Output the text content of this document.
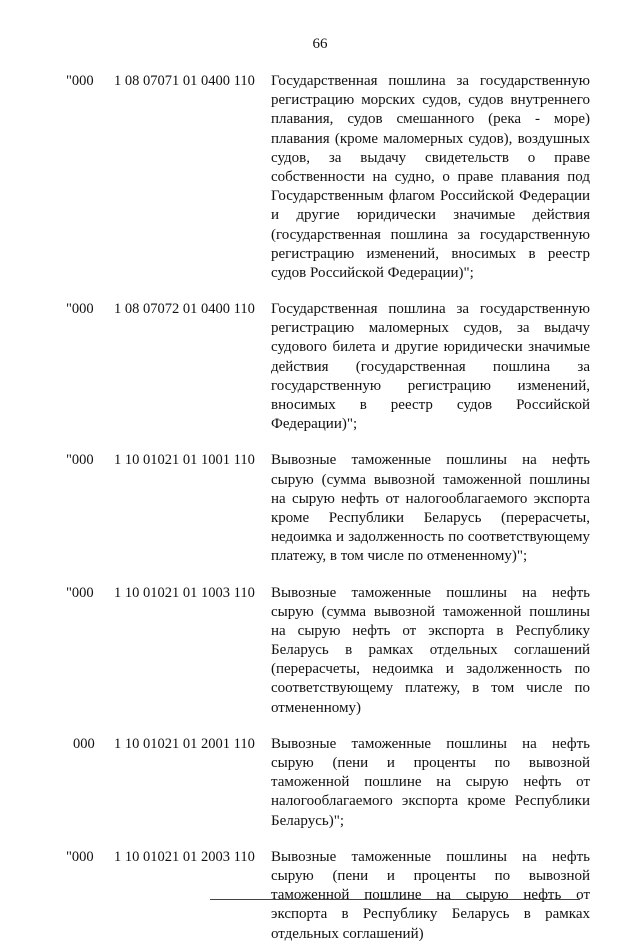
66
"000 1 08 07071 01 0400 110 Государственная пошлина за государственную
регистрацию морских судов, судов внутреннего
плавания, судов смешанного (река - море)
плавания (кроме маломерных судов), воздушных
судов, за выдачу свидетельств о праве
собственности на судно, о праве плавания под
Государственным флагом Российской Федерации
и другие юридически значимые действия
(государственная пошлина за государственную
регистрацию изменений, вносимых в реестр
судов Российской Федерации)";
"000 1 08 07072 01 0400 110 Государственная пошлина за государственную
регистрацию маломерных судов, за выдачу
судового билета и другие юридически значимые
действия (государственная пошлина за
государственную регистрацию изменений,
вносимых в реестр судов Российской
Федерации)";
"000 1 10 01021 01 1001 110 Вывозные таможенные пошлины на нефть
сырую (сумма вывозной таможенной пошлины
на сырую нефть от налогооблагаемого экспорта
кроме Республики Беларусь (перерасчеты,
недоимка и задолженность по соответствующему
платежу, в том числе по отмененному)";
"000 1 10 01021 01 1003 110 Вывозные таможенные пошлины на нефть
сырую (сумма вывозной таможенной пошлины
на сырую нефть от экспорта в Республику
Беларусь в рамках отдельных соглашений
(перерасчеты, недоимка и задолженность по
соответствующему платежу, в том числе по
отмененному)
000 1 10 01021 01 2001 110 Вывозные таможенные пошлины на нефть
сырую (пени и проценты по вывозной
таможенной пошлине на сырую нефть от
налогооблагаемого экспорта кроме Республики
Беларусь)";
"000 1 10 01021 01 2003 110 Вывозные таможенные пошлины на нефть
сырую (пени и проценты по вывозной
таможенной пошлине на сырую нефть от
экспорта в Республику Беларусь в рамках
отдельных соглашений)
